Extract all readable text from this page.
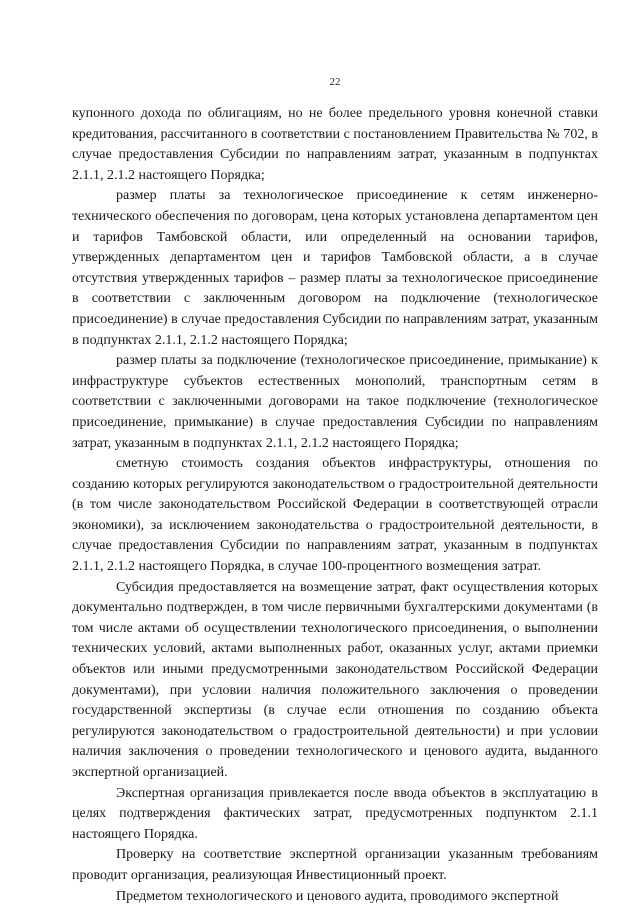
22

купонного дохода по облигациям, но не более предельного уровня конечной ставки кредитования, рассчитанного в соответствии с постановлением Правительства № 702, в случае предоставления Субсидии по направлениям затрат, указанным в подпунктах 2.1.1, 2.1.2 настоящего Порядка;

размер платы за технологическое присоединение к сетям инженерно-технического обеспечения по договорам, цена которых установлена департаментом цен и тарифов Тамбовской области, или определенный на основании тарифов, утвержденных департаментом цен и тарифов Тамбовской области, а в случае отсутствия утвержденных тарифов – размер платы за технологическое присоединение в соответствии с заключенным договором на подключение (технологическое присоединение) в случае предоставления Субсидии по направлениям затрат, указанным в подпунктах 2.1.1, 2.1.2 настоящего Порядка;

размер платы за подключение (технологическое присоединение, примыкание) к инфраструктуре субъектов естественных монополий, транспортным сетям в соответствии с заключенными договорами на такое подключение (технологическое присоединение, примыкание) в случае предоставления Субсидии по направлениям затрат, указанным в подпунктах 2.1.1, 2.1.2 настоящего Порядка;

сметную стоимость создания объектов инфраструктуры, отношения по созданию которых регулируются законодательством о градостроительной деятельности (в том числе законодательством Российской Федерации в соответствующей отрасли экономики), за исключением законодательства о градостроительной деятельности, в случае предоставления Субсидии по направлениям затрат, указанным в подпунктах 2.1.1, 2.1.2 настоящего Порядка, в случае 100-процентного возмещения затрат.

Субсидия предоставляется на возмещение затрат, факт осуществления которых документально подтвержден, в том числе первичными бухгалтерскими документами (в том числе актами об осуществлении технологического присоединения, о выполнении технических условий, актами выполненных работ, оказанных услуг, актами приемки объектов или иными предусмотренными законодательством Российской Федерации документами), при условии наличия положительного заключения о проведении государственной экспертизы (в случае если отношения по созданию объекта регулируются законодательством о градостроительной деятельности) и при условии наличия заключения о проведении технологического и ценового аудита, выданного экспертной организацией.

Экспертная организация привлекается после ввода объектов в эксплуатацию в целях подтверждения фактических затрат, предусмотренных подпунктом 2.1.1 настоящего Порядка.

Проверку на соответствие экспертной организации указанным требованиям проводит организация, реализующая Инвестиционный проект.

Предметом технологического и ценового аудита, проводимого экспертной
